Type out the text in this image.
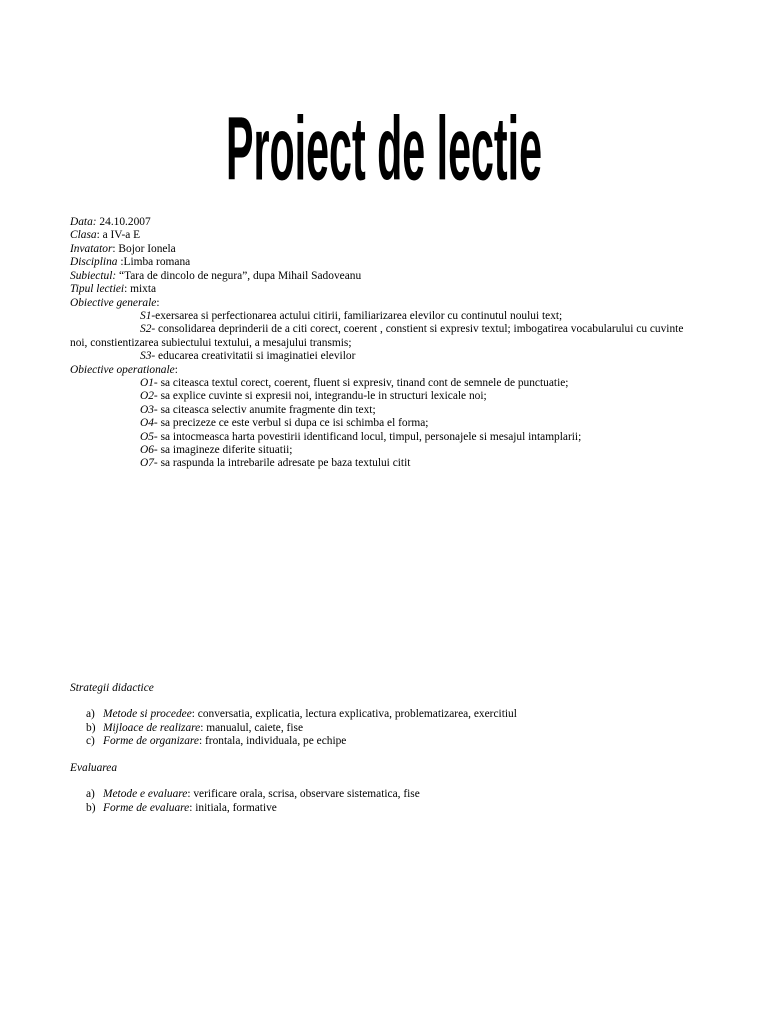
Proiect de lectie
Data: 24.10.2007
Clasa: a IV-a E
Invatator: Bojor Ionela
Disciplina :Limba romana
Subiectul: “Tara de dincolo de negura”, dupa Mihail Sadoveanu
Tipul lectiei: mixta
Obiective generale:
S1-exersarea si perfectionarea actului citirii, familiarizarea elevilor cu continutul noului text;
S2- consolidarea deprinderii de a citi corect, coerent , constient si expresiv textul; imbogatirea vocabularului cu cuvinte
noi, constientizarea subiectului textului, a mesajului transmis;
S3- educarea creativitatii si imaginatiei elevilor
Obiective operationale:
O1- sa citeasca textul corect, coerent, fluent si expresiv, tinand cont de semnele de punctuatie;
O2- sa explice cuvinte si expresii noi, integrandu-le in structuri lexicale noi;
O3- sa citeasca selectiv anumite fragmente din text;
O4- sa precizeze ce este verbul si dupa ce isi schimba el forma;
O5- sa intocmeasca harta povestirii identificand locul, timpul, personajele si mesajul intamplarii;
O6- sa imagineze diferite situatii;
O7- sa raspunda la intrebarile adresate pe baza textului citit
Strategii didactice
a) Metode si procedee: conversatia, explicatia, lectura explicativa, problematizarea, exercitiul
b) Mijloace de realizare: manualul, caiete, fise
c) Forme de organizare: frontala, individuala, pe echipe
Evaluarea
a) Metode e evaluare: verificare orala, scrisa, observare sistematica, fise
b) Forme de evaluare: initiala, formative
